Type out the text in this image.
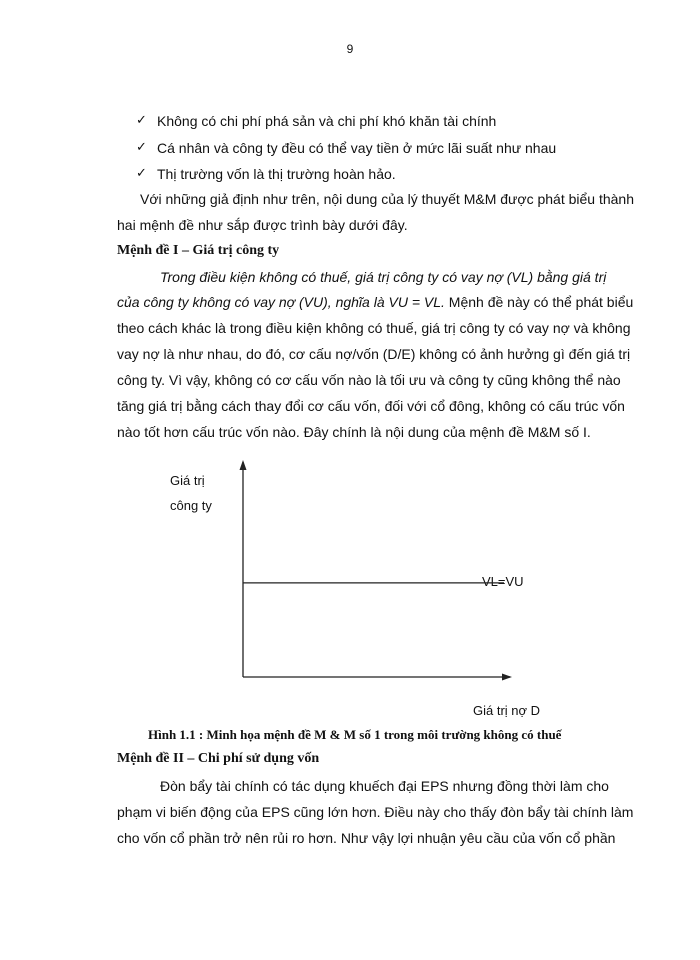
9
✓ Không có chi phí phá sản và chi phí khó khăn tài chính
✓ Cá nhân và công ty đều có thể vay tiền ở mức lãi suất như nhau
✓ Thị trường vốn là thị trường hoàn hảo.
Với những giả định như trên, nội dung của lý thuyết M&M được phát biểu thành
hai mệnh đề như sắp được trình bày dưới đây.
Mệnh đề I – Giá trị công ty
Trong điều kiện không có thuế, giá trị công ty có vay nợ (VL) bằng giá trị
của công ty không có vay nợ (VU), nghĩa là VU = VL. Mệnh đề này có thể phát biểu
theo cách khác là trong điều kiện không có thuế, giá trị công ty có vay nợ và không
vay nợ là như nhau, do đó, cơ cấu nợ/vốn (D/E) không có ảnh hưởng gì đến giá trị
công ty. Vì vậy, không có cơ cấu vốn nào là tối ưu và công ty cũng không thể nào
tăng giá trị bằng cách thay đổi cơ cấu vốn, đối với cổ đông, không có cấu trúc vốn
nào tốt hơn cấu trúc vốn nào. Đây chính là nội dung của mệnh đề M&M số I.
Giá trị
công ty
VL=VU
Giá trị nợ D
Hình 1.1 : Minh họa mệnh đề M & M số 1 trong môi trường không có thuế
Mệnh đề II – Chi phí sử dụng vốn
Đòn bẩy tài chính có tác dụng khuếch đại EPS nhưng đồng thời làm cho
phạm vi biến động của EPS cũng lớn hơn. Điều này cho thấy đòn bẩy tài chính làm
cho vốn cổ phần trở nên rủi ro hơn. Như vậy lợi nhuận yêu cầu của vốn cổ phần
